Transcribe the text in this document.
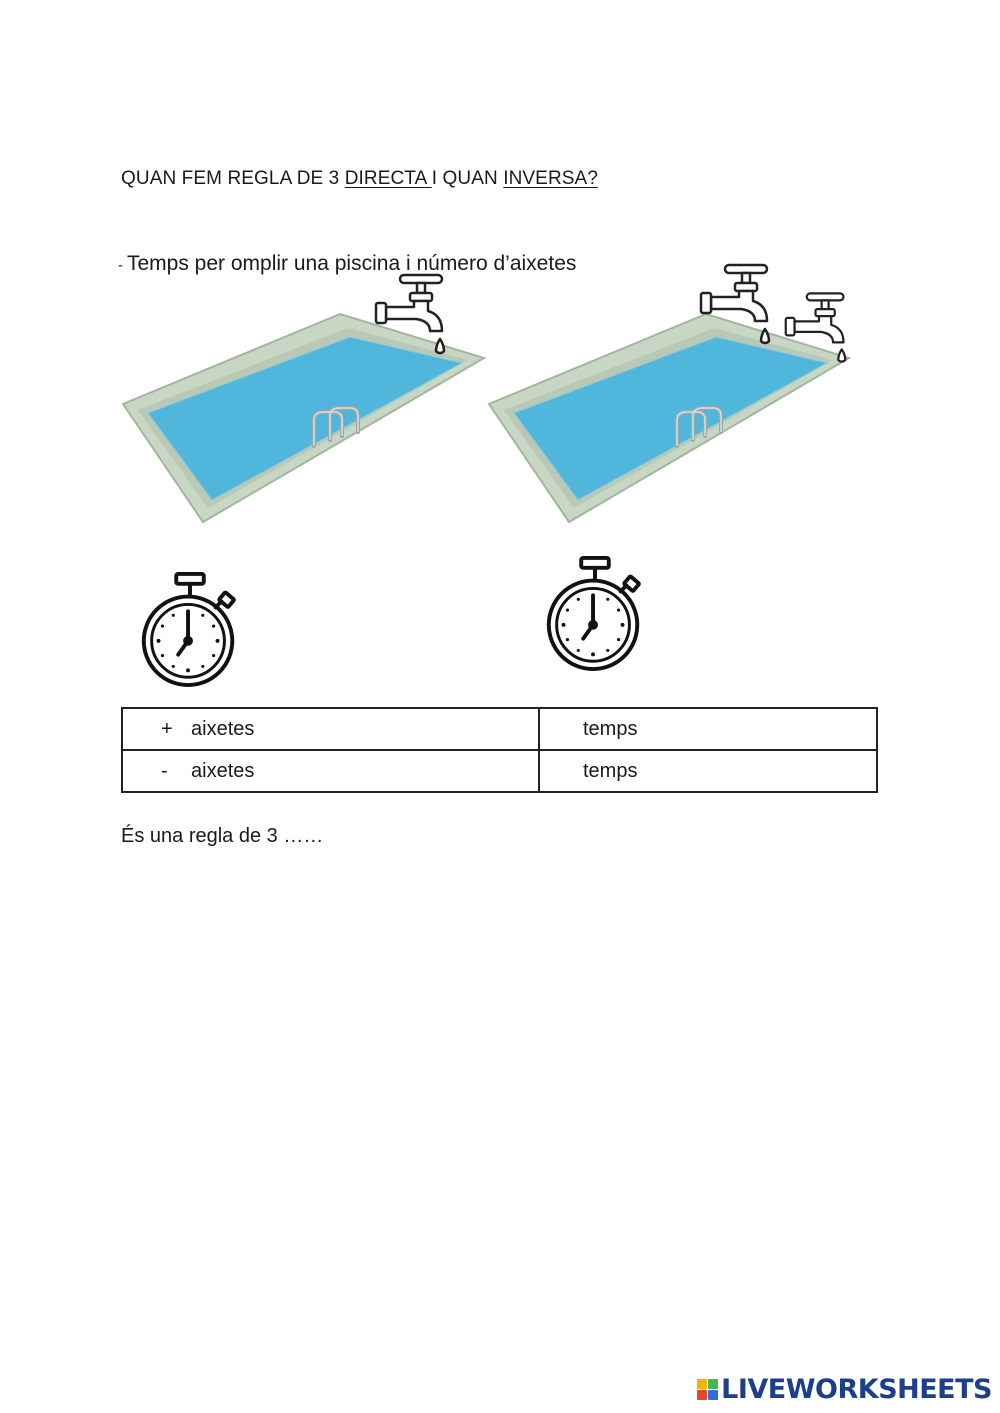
QUAN FEM REGLA DE 3 DIRECTA I QUAN INVERSA?
- Temps per omplir una piscina i número d’aixetes
+ aixetes	temps
- aixetes	temps
És una regla de 3 ……
LIVEWORKSHEETS
